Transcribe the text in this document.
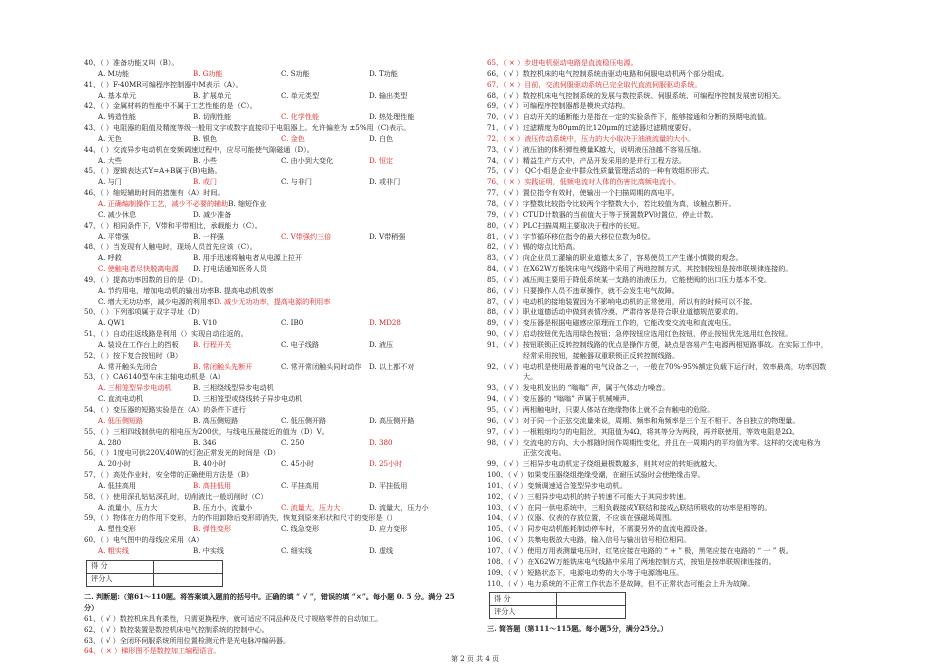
40、（ ）准备功能又叫（B）。
A. M功能	B. G功能	C. S功能	D. T功能
41、（ ）F-40MR可编程序控制器中M表示（A）。
A. 基本单元	B. 扩展单元	C. 单元类型	D. 输出类型
42、（ ）金属材料的性能中不属于工艺性能的是（C）。
A. 铸造性能	B. 切削性能	C. 化学性能	D. 热处理性能
43、（ ）电阻器的阻值及精度等级一般用文字或数字直接印于电阻器上。允许偏差为 ±5%用（C)表示。
A. 无色	B. 银色	C. 金色	D. 白色
44、（ ）交流异步电动机在变频调速过程中，应尽可能使气隙磁通（D）。
A. 大些	B. 小些	C. 由小到大变化	D. 恒定
45、（ ）逻辑表达式Y=A+B属于(B)电路。
A. 与门	B. 或门	C. 与非门	D. 或非门
46、（ ）缩短辅助时间的措施有（A）时间。
A. 正确编制操作工艺，减少不必要的辅助B. 缩短作业
C. 减少休息	D. 减少准备
47、（ ）相同条件下，V带和平带相比，承载能力（C）。
A. 平带强	B. 一样强	C. V带强约三倍	D. V带稍强
48、（ ）当发现有人触电时，现场人员首先应该（C）。
A. 呼救	B. 用手迅速将触电者从电源上拉开
C. 使触电者尽快脱离电源 D. 打电话通知医务人员
49、（ ）提高功率因数的目的是（D）。
A. 节约用电，增加电动机的输出功率B. 提高电动机效率
C. 增大无功功率，减少电源的利用率D. 减少无功功率，提高电源的利用率
50、（ ）下列那项属于双字寻址（D）
A. QW1	B. V10	C. IB0	D. MD28
51、（ ）自动往返线路是利用（）实现自动往返的。
A. 装设在工作台上的挡板 B. 行程开关	C. 电子线路	D. 液压
52、（ ）按下复合按钮时（B）
A. 常开触头先闭合	B. 常闭触头先断开	C. 常开常闭触头同时动作 D. 以上都不对
53、（ ）CA6140型车床主轴电动机是（A）
A. 三相笼型异步电动机	B. 三相绕线型异步电动机
C. 直流电动机	D. 三相笼型或绕线转子异步电动机
54、（ ）变压器的短路实验是在（A）的条件下进行
A. 低压侧短路	B. 高压侧短路	C. 低压侧开路	D. 高压侧开路
55、（ ）三相四线制供电的相电压为200伏，与线电压最接近的值为（D）V。
A. 280	B. 346	C. 250	D. 380
56、（ ）1度电可供220V,40W的灯泡正常发光的时间是（D）
A. 20小时	B. 40小时	C. 45小时	D. 25小时
57、（ ）高处作业时，安全带的正确使用方法是（B）
A. 低挂高用	B. 高挂低用	C. 平挂高用	D. 平挂低用
58、（ ）使用深孔钻钻深孔时，切削液比一般切削时（C）
A. 流量小，压力大	B. 压力小，流量小	C. 流量大，压力大	D. 流量大，压力小
59、（ ）物体在力的作用下变形，力的作用卸除后变形即消失，恢复到原来形状和尺寸的变形是（）
A. 塑性变形	B. 弹性变形	C. 线急变形	D. 应力变形
60、（ ）电气图中的母线应采用（A）
A. 粗实线	B. 中实线	C. 细实线	D. 虚线
得 分	
评分人	
二. 判断题:（第61～110题。将答案填入题前的括号中。正确的填 “ √ ”，错误的填 “×”。每小题 0. 5 分。满分 25 分）
61、（ √ ）数控机床具有柔性，只需更换程序，就可适应不同品种及尺寸规格零件的自动加工。
62、（ √ ）数控装置是数控机床电气控制系统的控制中心。
63、（ √ ）全闭环伺服系统所用位置检测元件是光电脉冲编码器。
64、（ × ）梯形图不是数控加工编程语言。
65、（ × ）步进电机驱动电路是直流稳压电源。
66、（ √ ）数控机床的电气控制系统由驱动电路和伺服电动机两个部分组成。
67、（ × ）目前，交流伺服驱动系统已完全取代直流伺服驱动系统。
68、（ √ ）数控机床电气控制系统的发展与数控系统、伺服系统、可编程序控制发展密切相关。
69、（ √ ）可编程序控制器都是模块式结构。
70、（ √ ）自动开关的通断能力是指在一定的实验条件下，能够接通和分断的预期电流值。
71、（ √ ）过滤精度为80μm的比120μm的过滤器过滤精度要好。
72、（ × ）液压传动系统中，压力的大小取决于油液流量的大小。
73、（ √ ）液压油的体积弹性模量K越大，说明液压油越不容易压缩。
74、（ √ ）精益生产方式中，产品开发采用的是并行工程方法。
75、（ √ ） QC小组是企业中群众性质量管理活动的一种有效组织形式。
76、（ × ）实践证明，低频电流对人体的伤害比高频电流小。
77、（ √ ）置位指令有效时，使输出一个扫描周期的高电平。
78、（ √ ）字整数比较指令比较两个字整数大小，若比较值为真，该触点断开。
79、（ √ ）CTUD计数器的当前值大于等于预置数PV时置位，停止计数。
80、（ √ ）PLC扫描周期主要取决于程序的长短。
81、（ √ ）字节循环移位指令的最大移位位数为8位。
82、（ √ ）锡的熔点比铅高。
83、（ √ ）向企业员工灌输的职业道德太多了，容易使员工产生谨小慎微的观念。
84、（ √ ）在X62W万能铣床电气线路中采用了两地控制方式，其控制按钮是按串联规律连接的。
85、（ √ ）减压阀主要用于降低系统某一支路的油液压力，它能使阀的出口压力基本不变。
86、（ √ ）只要操作人员不违章操作，就不会发生电气故障。
87、（ √ ）电动机的接地装置因为不影响电动机的正常使用，所以有的时候可以不接。
88、（ √ ）职业道德活动中做到表情冷漠、严肃待客是符合职业道德规范要求的。
89、（ √ ）变压器是根据电磁感应原理而工作的，它能改变交流电和直流电压。
90、（ √ ）启动按钮优先选用绿色按钮；急停按钮应选用红色按钮，停止按钮优先选用红色按钮。
91、（ √ ）按钮联锁正反转控制线路的优点是操作方便，缺点是容易产生电源两相短路事故。在实际工作中，
经常采用按钮，接触器双重联锁正反转控制线路。
92、（ √ ）电动机是使用最普遍的电气设备之一，一般在70%-95%额定负载下运行时，效率最高，功率因数
大。
93、（ √ ）发电机发出的 “嗡嗡” 声，属于气体动力噪音。
94、（ √ ）变压器的 “嗡嗡” 声属于机械噪声。
95、（ √ ）两相触电时，只要人体站在绝缘物体上就不会有触电的危险。
96、（ √ ）对于同一个正弦交流量来说，周期、频率和角频率是三个互不相干、各自独立的物理量。
97、（ √ ）一根粗细均匀的电阻丝，其阻值为4Ω，将其等分为两段，再并联使用，等效电阻是2Ω。
98、（ √ ）交流电的方向、大小都随时间作周期性变化，并且在一周期内的平均值为零。这样的交流电称为
正弦交流电。
99、（ √ ）三相异步电动机定子绕组最极数越多，则其对应的转矩就越大。
100、（ √ ）如果变压器绕组绝缘受潮，在耐压试验时会使绝缘击穿。
101、（ √ ）变频调速适合笼型异步电动机。
102、（ √ ）三相异步电动机的转子转速不可能大于其同步转速。
103、（ √ ）在同一供电系统中，三相负载接成Y联结和接成△联结所吸收的功率是相等的。
104、（ √ ）仪器、仪表的存放位置，不应该在强磁场周围。
105、（ √ ）同步电动机能耗制动停车时，不需要另外的直流电源设备。
106、（ √ ）共集电极放大电路，输入信号与输出信号相位相同。
107、（ √ ）使用万用表测量电压时，红笔应接在电路的 “ + ” 极，黑笔应接在电路的 “ 一 ” 极。
108、（ √ ）在X62W万能铣床电气线路中采用了两地控制方式，按钮是按串联规律连接的。
109、（ √ ）短路状态下，电源电动势的大小等于电源端电压。
110、（ √ ）电力系统的不正常工作状态不是故障，但不正常状态可能会上升为故障。
得 分	
评分人	
三. 简答题（第111～115题。每小题5分，满分25分。）
第 2 页 共 4 页
